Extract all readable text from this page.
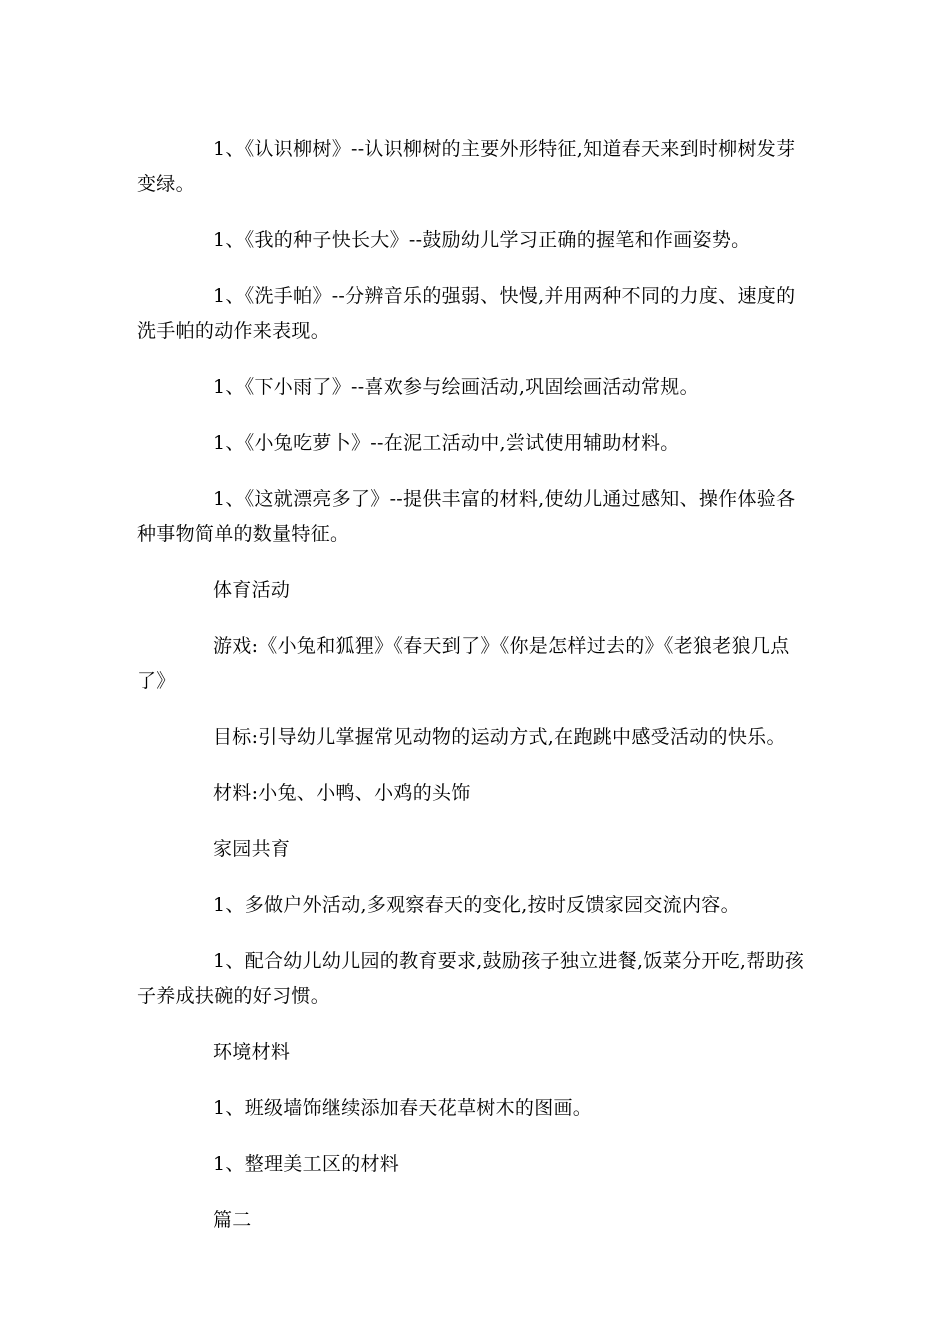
1、《认识柳树》--认识柳树的主要外形特征,知道春天来到时柳树发芽变绿。

1、《我的种子快长大》--鼓励幼儿学习正确的握笔和作画姿势。

1、《洗手帕》--分辨音乐的强弱、快慢,并用两种不同的力度、速度的洗手帕的动作来表现。

1、《下小雨了》--喜欢参与绘画活动,巩固绘画活动常规。

1、《小兔吃萝卜》--在泥工活动中,尝试使用辅助材料。

1、《这就漂亮多了》--提供丰富的材料,使幼儿通过感知、操作体验各种事物简单的数量特征。

体育活动

游戏:《小兔和狐狸》《春天到了》《你是怎样过去的》《老狼老狼几点了》

目标:引导幼儿掌握常见动物的运动方式,在跑跳中感受活动的快乐。

材料:小兔、小鸭、小鸡的头饰

家园共育

1、多做户外活动,多观察春天的变化,按时反馈家园交流内容。

1、配合幼儿幼儿园的教育要求,鼓励孩子独立进餐,饭菜分开吃,帮助孩子养成扶碗的好习惯。

环境材料

1、班级墙饰继续添加春天花草树木的图画。

1、整理美工区的材料

篇二
